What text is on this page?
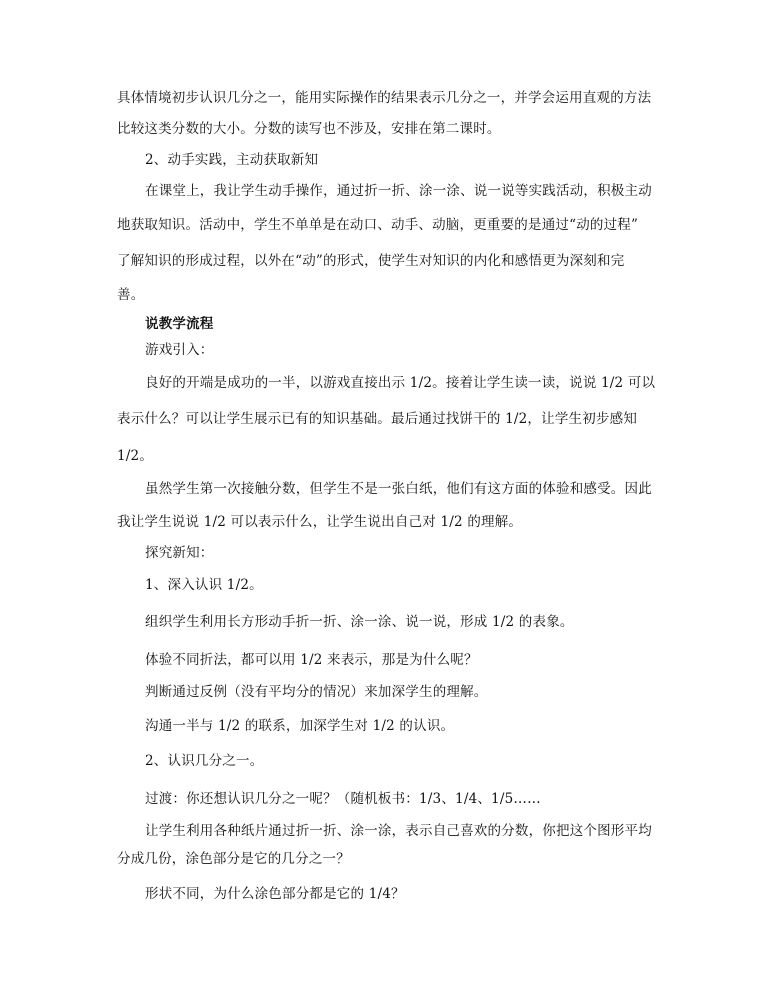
具体情境初步认识几分之一，能用实际操作的结果表示几分之一，并学会运用直观的方法
比较这类分数的大小。分数的读写也不涉及，安排在第二课时。
2、动手实践，主动获取新知
在课堂上，我让学生动手操作，通过折一折、涂一涂、说一说等实践活动，积极主动
地获取知识。活动中，学生不单单是在动口、动手、动脑，更重要的是通过“动的过程”
了解知识的形成过程，以外在“动”的形式，使学生对知识的内化和感悟更为深刻和完
善。
说教学流程
游戏引入：
良好的开端是成功的一半，以游戏直接出示 1/2。接着让学生读一读，说说 1/2 可以
表示什么？可以让学生展示已有的知识基础。最后通过找饼干的 1/2，让学生初步感知
1/2。
虽然学生第一次接触分数，但学生不是一张白纸，他们有这方面的体验和感受。因此
我让学生说说 1/2 可以表示什么，让学生说出自己对 1/2 的理解。
探究新知：
1、深入认识 1/2。
组织学生利用长方形动手折一折、涂一涂、说一说，形成 1/2 的表象。
体验不同折法，都可以用 1/2 来表示，那是为什么呢？
判断通过反例（没有平均分的情况）来加深学生的理解。
沟通一半与 1/2 的联系，加深学生对 1/2 的认识。
2、认识几分之一。
过渡：你还想认识几分之一呢？（随机板书：1/3、1/4、1/5……
让学生利用各种纸片通过折一折、涂一涂，表示自己喜欢的分数，你把这个图形平均
分成几份，涂色部分是它的几分之一？
形状不同，为什么涂色部分都是它的 1/4？
